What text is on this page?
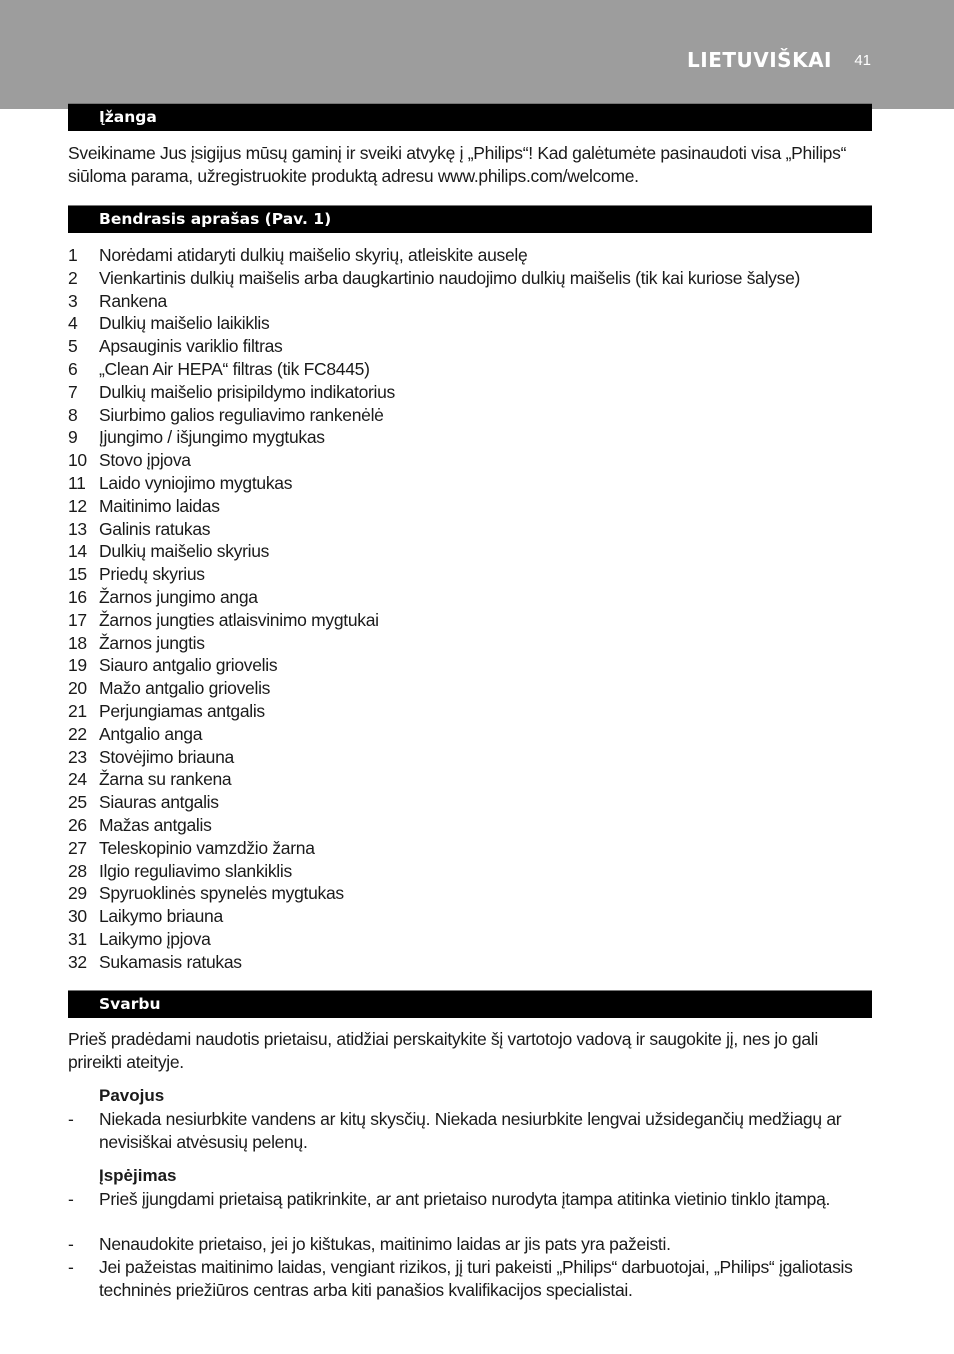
LIETUVIŠKAI 41
Įžanga

Sveikiname Jus įsigijus mūsų gaminį ir sveiki atvykę į „Philips“! Kad galėtumėte pasinaudoti visa „Philips“ siūloma parama, užregistruokite produktą adresu www.philips.com/welcome.

Bendrasis aprašas (Pav. 1)
1	Norėdami atidaryti dulkių maišelio skyrių, atleiskite auselę
2	Vienkartinis dulkių maišelis arba daugkartinio naudojimo dulkių maišelis (tik kai kuriose šalyse)
3	Rankena
4	Dulkių maišelio laikiklis
5	Apsauginis variklio filtras
6	„Clean Air HEPA“ filtras (tik FC8445)
7	Dulkių maišelio prisipildymo indikatorius
8	Siurbimo galios reguliavimo rankenėlė
9	Įjungimo / išjungimo mygtukas
10 Stovo įpjova
11 Laido vyniojimo mygtukas
12 Maitinimo laidas
13 Galinis ratukas
14 Dulkių maišelio skyrius
15 Priedų skyrius
16 Žarnos jungimo anga
17 Žarnos jungties atlaisvinimo mygtukai
18 Žarnos jungtis
19 Siauro antgalio griovelis
20 Mažo antgalio griovelis
21 Perjungiamas antgalis
22 Antgalio anga
23 Stovėjimo briauna
24 Žarna su rankena
25 Siauras antgalis
26 Mažas antgalis
27 Teleskopinio vamzdžio žarna
28 Ilgio reguliavimo slankiklis
29 Spyruoklinės spynelės mygtukas
30 Laikymo briauna
31 Laikymo įpjova
32 Sukamasis ratukas
Svarbu

Prieš pradėdami naudotis prietaisu, atidžiai perskaitykite šį vartotojo vadovą ir saugokite jį, nes jo gali prireikti ateityje.

Pavojus
- Niekada nesiurbkite vandens ar kitų skysčių. Niekada nesiurbkite lengvai užsidegančių medžiagų ar nevisiškai atvėsusių pelenų.
Įspėjimas
- Prieš įjungdami prietaisą patikrinkite, ar ant prietaiso nurodyta įtampa atitinka vietinio tinklo įtampą.
- Nenaudokite prietaiso, jei jo kištukas, maitinimo laidas ar jis pats yra pažeisti.
- Jei pažeistas maitinimo laidas, vengiant rizikos, jį turi pakeisti „Philips“ darbuotojai, „Philips“ įgaliotasis techninės priežiūros centras arba kiti panašios kvalifikacijos specialistai.
